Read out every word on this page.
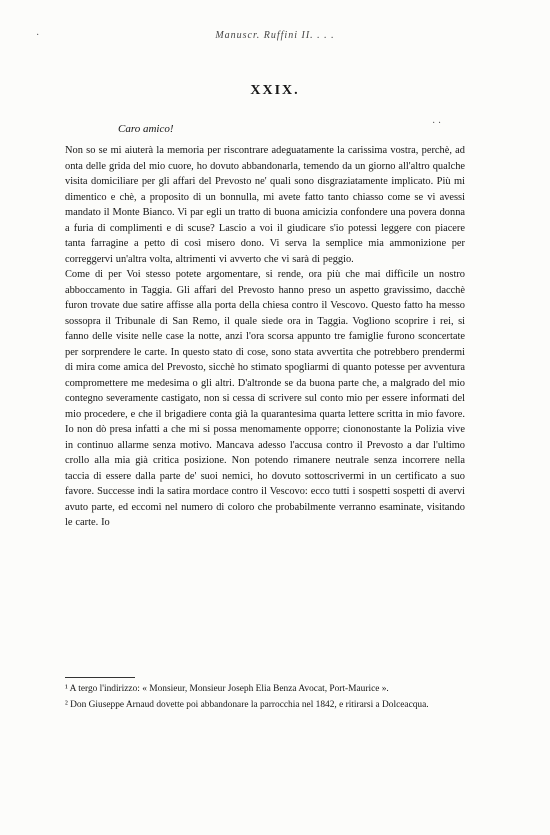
·	Manuscr. Ruffini II. . . .
· ·
XXIX.
Caro amico!

Non so se mi aiuterà la memoria per riscontrare adeguatamente la carissima vostra, perchè, ad onta delle grida del mio cuore, ho dovuto abbandonarla, temendo da un giorno all'altro qualche visita domiciliare per gli affari del Prevosto ne' quali sono disgraziatamente implicato. Più mi dimentico e chè, a proposito di un bonnulla, mi avete fatto tanto chiasso come se vi avessi mandato il Monte Bianco. Vi par egli un tratto di buona amicizia confondere una povera donna a furia di complimenti e di scuse? Lascio a voi il giudicare s'io potessi leggere con piacere tanta farragine a petto di così misero dono. Vi serva la semplice mia ammonizione per correggervi un'altra volta, altrimenti vi avverto che vi sarà di peggio.

Come di per Voi stesso potete argomentare, si rende, ora più che mai difficile un nostro abboccamento in Taggia. Gli affari del Prevosto hanno preso un aspetto gravissimo, dacchè furon trovate due satire affisse alla porta della chiesa contro il Vescovo. Questo fatto ha messo sossopra il Tribunale di San Remo, il quale siede ora in Taggia. Vogliono scoprire i rei, si fanno delle visite nelle case la notte, anzi l'ora scorsa appunto tre famiglie furono sconcertate per sorprendere le carte. In questo stato di cose, sono stata avvertita che potrebbero prendermi di mira come amica del Prevosto, sicchè ho stimato spogliarmi di quanto potesse per avventura compromettere me medesima o gli altri. D'altronde se da buona parte che, a malgrado del mio contegno severamente castigato, non si cessa di scrivere sul conto mio per essere informati del mio procedere, e che il brigadiere conta già la quarantesima quarta lettere scritta in mio favore. Io non dò presa infatti a che mi si possa menomamente opporre; ciononostante la Polizia vive in continuo allarme senza motivo. Mancava adesso l'accusa contro il Prevosto a dar l'ultimo crollo alla mia già critica posizione. Non potendo rimanere neutrale senza incorrere nella taccia di essere dalla parte de' suoi nemici, ho dovuto sottoscrivermi in un certificato a suo favore. Successe indi la satira mordace contro il Vescovo: ecco tutti i sospetti sospetti di avervi avuto parte, ed eccomi nel numero di coloro che probabilmente verranno esaminate, visitando le carte. Io

¹ A tergo l'indirizzo: « Monsieur, Monsieur Joseph Elia Benza Avocat, Port-Maurice ».

² Don Giuseppe Arnaud dovette poi abbandonare la parrocchia nel 1842, e ritirarsi a Dolceacqua.
